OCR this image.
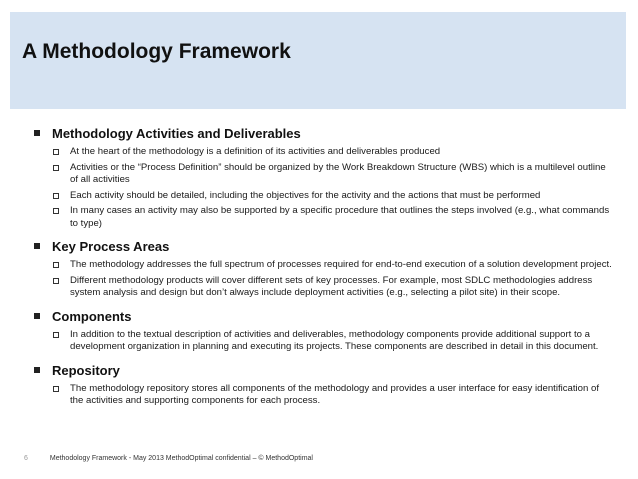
A Methodology Framework
Methodology Activities and Deliverables
At the heart of the methodology is a definition of its activities and deliverables produced
Activities or the “Process Definition” should be organized by the Work Breakdown Structure (WBS) which is a multilevel outline of all activities
Each activity should be detailed, including the objectives for the activity and the actions that must be performed
In many cases an activity may also be supported by a specific procedure that outlines the steps involved (e.g., what commands to type)
Key Process Areas
The methodology addresses the full spectrum of processes required for end-to-end execution of a solution development project.
Different methodology products will cover different sets of key processes. For example, most SDLC methodologies address system analysis and design but don’t always include deployment activities (e.g., selecting a pilot site) in their scope.
Components
In addition to the textual description of activities and deliverables, methodology components provide additional support to a development organization in planning and executing its projects. These components are described in detail in this document.
Repository
The methodology repository stores all components of the methodology and provides a user interface for easy identification of the activities and supporting components for each process.
6	Methodology Framework - May 2013 MethodOptimal confidential – © MethodOptimal
